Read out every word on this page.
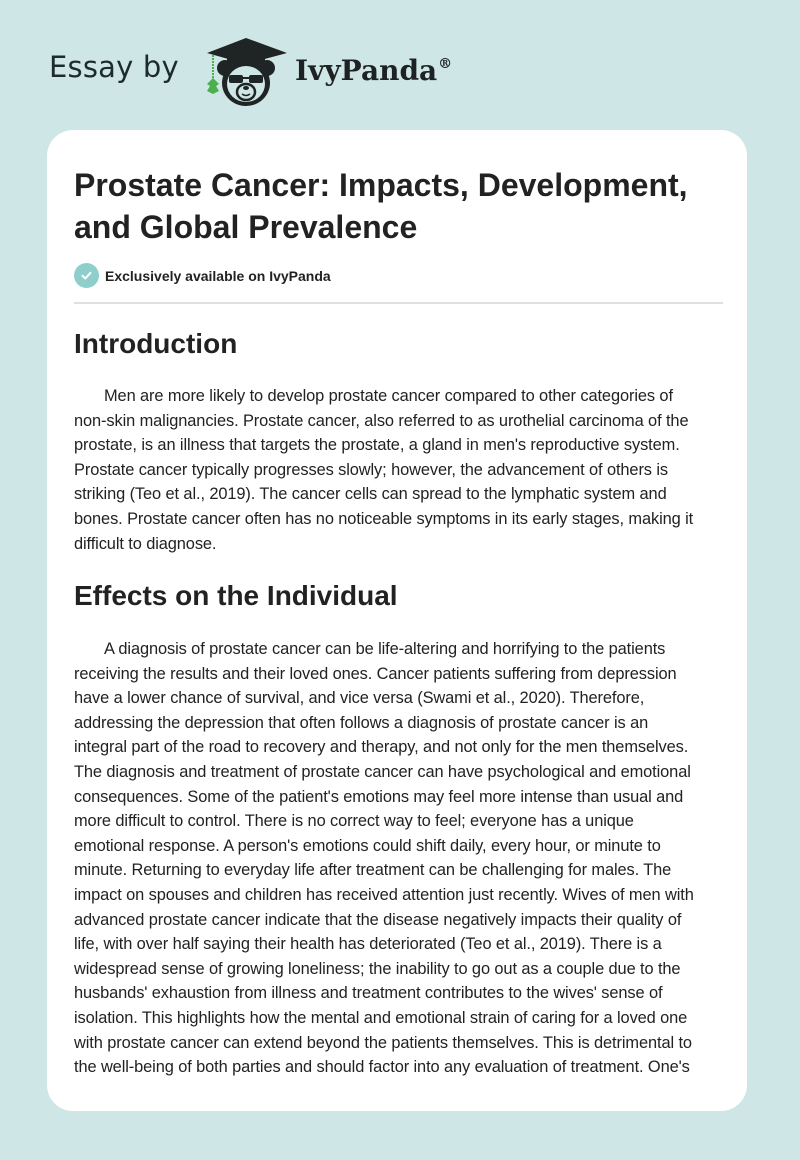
Essay by	IvyPanda®
Prostate Cancer: Impacts, Development, and Global Prevalence
Exclusively available on IvyPanda
Introduction
Men are more likely to develop prostate cancer compared to other categories of
non-skin malignancies. Prostate cancer, also referred to as urothelial carcinoma of the
prostate, is an illness that targets the prostate, a gland in men's reproductive system.
Prostate cancer typically progresses slowly; however, the advancement of others is
striking (Teo et al., 2019). The cancer cells can spread to the lymphatic system and
bones. Prostate cancer often has no noticeable symptoms in its early stages, making it
difficult to diagnose.
Effects on the Individual
A diagnosis of prostate cancer can be life-altering and horrifying to the patients
receiving the results and their loved ones. Cancer patients suffering from depression
have a lower chance of survival, and vice versa (Swami et al., 2020). Therefore,
addressing the depression that often follows a diagnosis of prostate cancer is an
integral part of the road to recovery and therapy, and not only for the men themselves.
The diagnosis and treatment of prostate cancer can have psychological and emotional
consequences. Some of the patient's emotions may feel more intense than usual and
more difficult to control. There is no correct way to feel; everyone has a unique
emotional response. A person's emotions could shift daily, every hour, or minute to
minute. Returning to everyday life after treatment can be challenging for males. The
impact on spouses and children has received attention just recently. Wives of men with
advanced prostate cancer indicate that the disease negatively impacts their quality of
life, with over half saying their health has deteriorated (Teo et al., 2019). There is a
widespread sense of growing loneliness; the inability to go out as a couple due to the
husbands' exhaustion from illness and treatment contributes to the wives' sense of
isolation. This highlights how the mental and emotional strain of caring for a loved one
with prostate cancer can extend beyond the patients themselves. This is detrimental to
the well-being of both parties and should factor into any evaluation of treatment. One's
